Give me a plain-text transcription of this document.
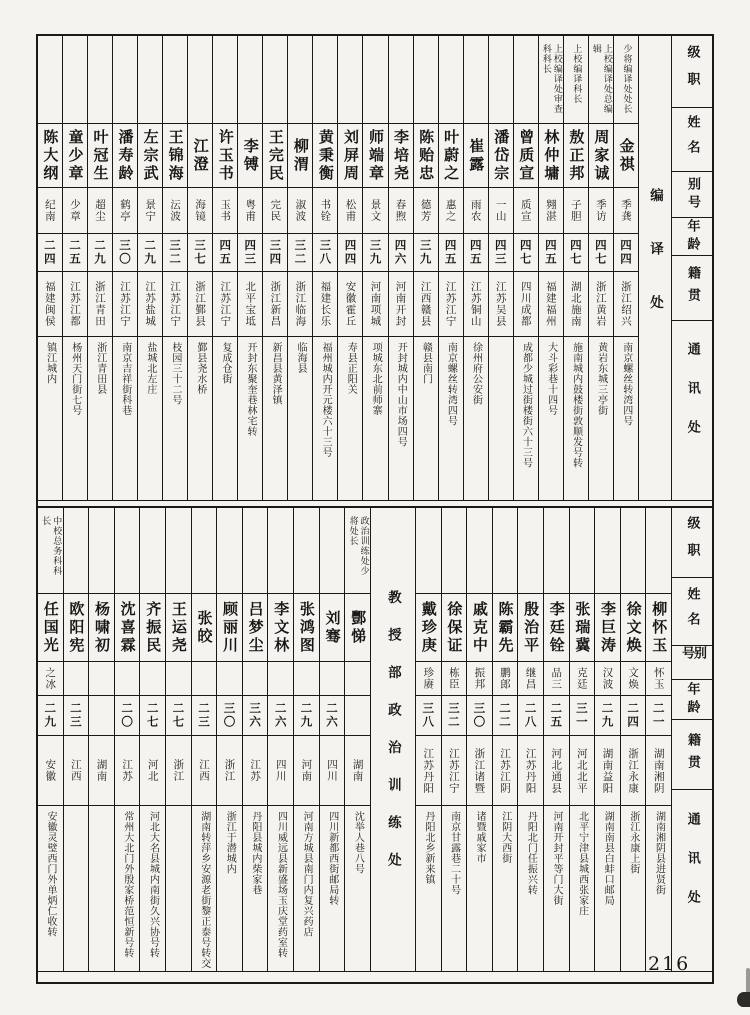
级职
姓名
别号
年龄
籍贯
通讯处
编译处
少将编译处处长
金祺
季龚
四四
浙江绍兴
南京螺丝转湾四号
上校编译处总编辑
周家诚
季访
四七
浙江黄岩
黄岩东城三亭街
上校编译科长
敖正邦
子胆
四七
湖北施南
施南城内鼓楼街敦顺发号转
上校编译处审查科科长
林仲墉
翙湛
四五
福建福州
大斗彩巷十四号
曾质宣
质宣
四七
四川成都
成都少城过街楼街六十三号
潘岱宗
一山
四三
江苏吴县
崔露
雨农
四五
江苏铜山
徐州府公安街
叶蔚之
惠之
四五
江苏江宁
南京螺丝转湾四号
陈贻忠
德芳
三九
江西赣县
赣县南门
李培尧
春煦
四六
河南开封
开封城内中山市场四号
师端章
景文
三九
河南项城
项城东北前师寨
刘屏周
松甫
四四
安徽霍丘
寿县正阳关
黄秉衡
书铨
三八
福建长乐
福州城内开元楼六十三号
柳渭
淑波
三二
浙江临海
临海县
王完民
完民
三四
浙江新昌
新昌县黄泽镇
李镈
粤甫
四三
北平宝坻
开封东聚奎巷林宅转
许玉书
玉书
四五
江苏江宁
复成仓街
江澄
海镜
三七
浙江鄞县
鄞县尧水桥
王锦海
沄波
三二
江苏江宁
枝园三十二号
左宗武
景宁
二九
江苏盐城
盐城北左庄
潘寿龄
鹤亭
三〇
江苏江宁
南京吉祥街科巷
叶冠生
超尘
二九
浙江青田
浙江青田县
童少章
少章
二五
江苏江都
杨州天门街七号
陈大纲
纪南
二四
福建闽侯
镇江城内
级职
姓名
别号
年龄
籍贯
通讯处
柳怀玉
怀玉
二一
湖南湘阴
湖南湘阴县进贤街
徐文焕
文焕
二四
浙江永康
浙江永康上街
李巨涛
汉波
二九
湖南益阳
湖南南县白蚌口邮局
张瑞冀
克廷
三一
河北北平
北平宁津县城西张家庄
李廷铨
品三
二五
河北通县
河南开封平等门大街
殷治平
继昌
二八
江苏丹阳
丹阳北门任振兴转
陈霸先
鹏郎
二二
江苏江阴
江阴大西街
戚克中
振邦
三〇
浙江诸暨
诸暨戚家市
徐保证
栋臣
三二
江苏江宁
南京甘露巷二十号
戴珍庚
珍赓
三八
江苏丹阳
丹阳北乡新来镇
教授部政治训练处
政治训练处少将处长
酆悌
湖南
沈举人巷八号
刘骞
二六
四川
四川新都西街邮局转
张鸿图
二九
河南
河南方城县南门内复兴药店
李文林
二六
四川
四川威远县新盛场玉庆堂药室转
吕梦尘
三六
江苏
丹阳县城内柴家巷
顾丽川
三〇
浙江
浙江于潜城内
张皎
二三
江西
湖南转萍乡安源老街黎正泰号转交
王运尧
二七
浙江
齐振民
二七
河北
河北大名县城内南街久兴协号转
沈喜霖
二〇
江苏
常州大北门外殷家桥范恒新号转
杨啸初
湖南
欧阳宪
二三
江西
中校总务科科长
任国光
之冰
二九
安徽
安徽灵璧西门外单炳仁收转
216
